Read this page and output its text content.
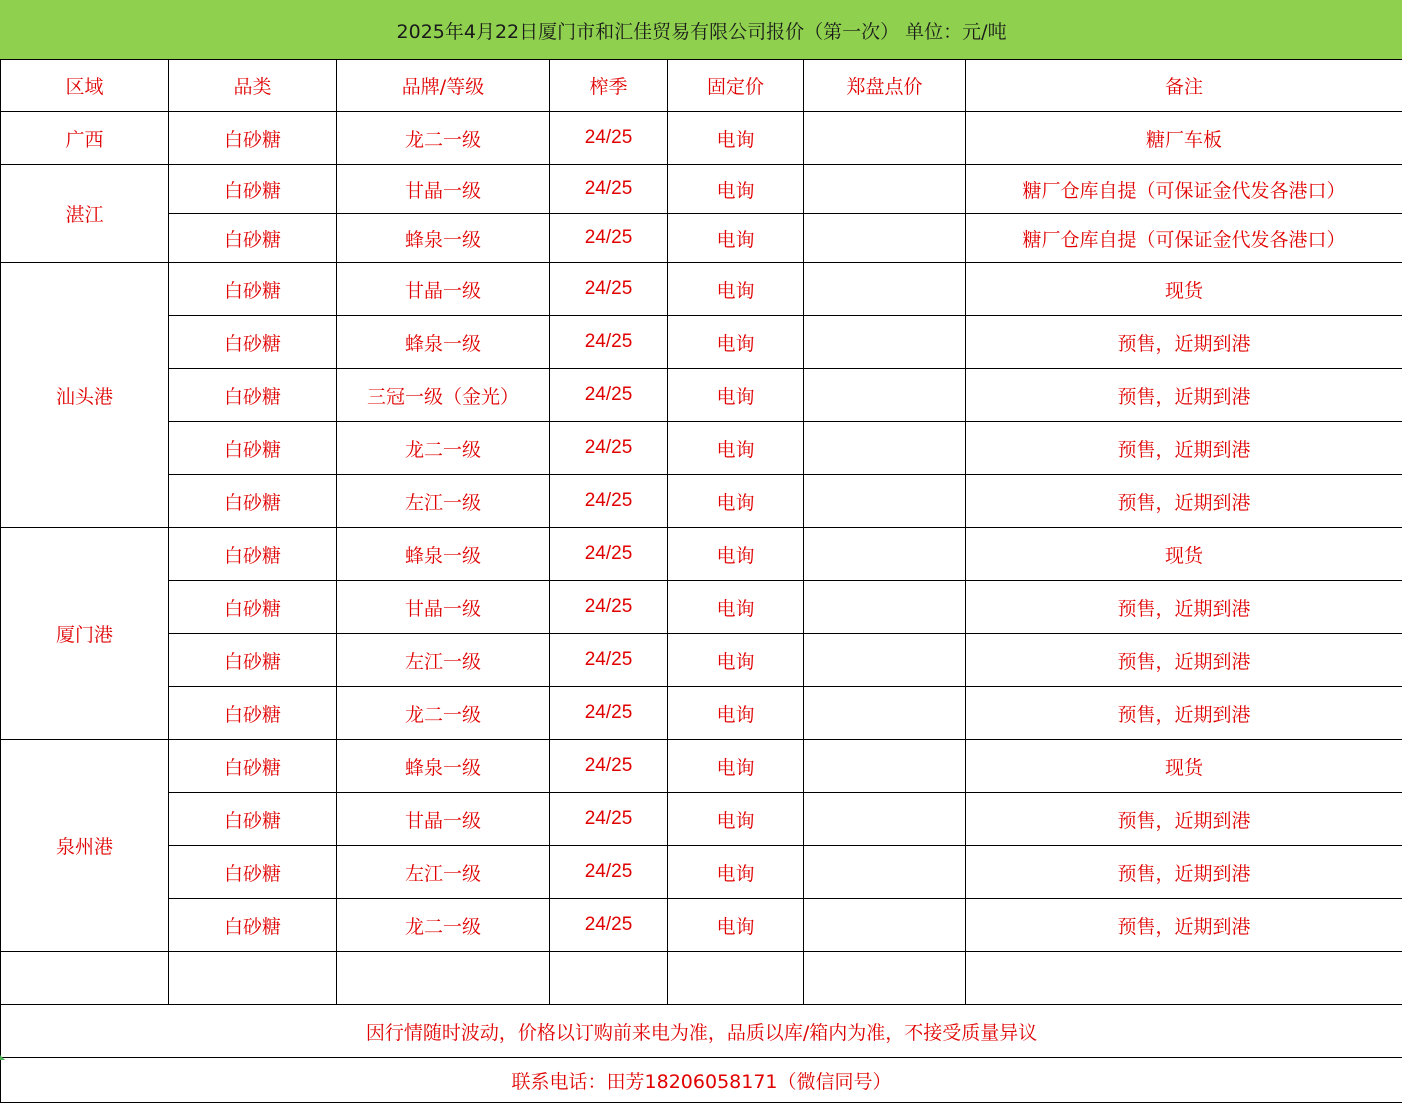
2025年4月22日厦门市和汇佳贸易有限公司报价（第一次） 单位：元/吨						
区域	品类	品牌/等级	榨季	固定价	郑盘点价	备注
广西	白砂糖	龙二一级	24/25	电询		糖厂车板
湛江	白砂糖	甘晶一级	24/25	电询		糖厂仓库自提（可保证金代发各港口）
	白砂糖	蜂泉一级	24/25	电询		糖厂仓库自提（可保证金代发各港口）
汕头港	白砂糖	甘晶一级	24/25	电询		现货
	白砂糖	蜂泉一级	24/25	电询		预售，近期到港
	白砂糖	三冠一级（金光）	24/25	电询		预售，近期到港
	白砂糖	龙二一级	24/25	电询		预售，近期到港
	白砂糖	左江一级	24/25	电询		预售，近期到港
厦门港	白砂糖	蜂泉一级	24/25	电询		现货
	白砂糖	甘晶一级	24/25	电询		预售，近期到港
	白砂糖	左江一级	24/25	电询		预售，近期到港
	白砂糖	龙二一级	24/25	电询		预售，近期到港
泉州港	白砂糖	蜂泉一级	24/25	电询		现货
	白砂糖	甘晶一级	24/25	电询		预售，近期到港
	白砂糖	左江一级	24/25	电询		预售，近期到港
	白砂糖	龙二一级	24/25	电询		预售，近期到港

因行情随时波动，价格以订购前来电为准，品质以库/箱内为准，不接受质量异议						
联系电话：田芳18206058171（微信同号）						
